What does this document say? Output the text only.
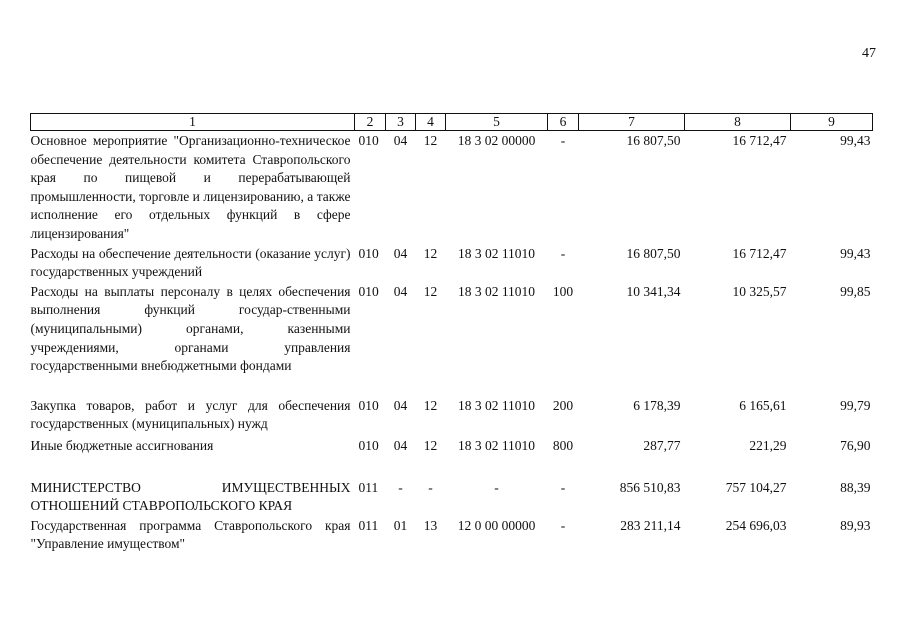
47
1	2	3	4	5	6	7	8	9
Основное мероприятие "Организационно-техническое обеспечение деятельности комитета Ставропольского края по пищевой и перерабатывающей промышленности, торговле и лицензированию, а также исполнение его отдельных функций в сфере лицензирования"	010	04	12	18 3 02 00000	-	16 807,50	16 712,47	99,43
Расходы на обеспечение деятельности (оказание услуг) государственных учреждений	010	04	12	18 3 02 11010	-	16 807,50	16 712,47	99,43
Расходы на выплаты персоналу в целях обеспечения выполнения функций государ-ственными (муниципальными) органами, казенными учреждениями, органами управления государственными внебюджетными фондами	010	04	12	18 3 02 11010	100	10 341,34	10 325,57	99,85
Закупка товаров, работ и услуг для обеспечения государственных (муниципальных) нужд	010	04	12	18 3 02 11010	200	6 178,39	6 165,61	99,79
Иные бюджетные ассигнования	010	04	12	18 3 02 11010	800	287,77	221,29	76,90
МИНИСТЕРСТВО ИМУЩЕСТВЕННЫХ ОТНОШЕНИЙ СТАВРОПОЛЬСКОГО КРАЯ	011	-	-	-	-	856 510,83	757 104,27	88,39
Государственная программа Ставропольского края "Управление имуществом"	011	01	13	12 0 00 00000	-	283 211,14	254 696,03	89,93
